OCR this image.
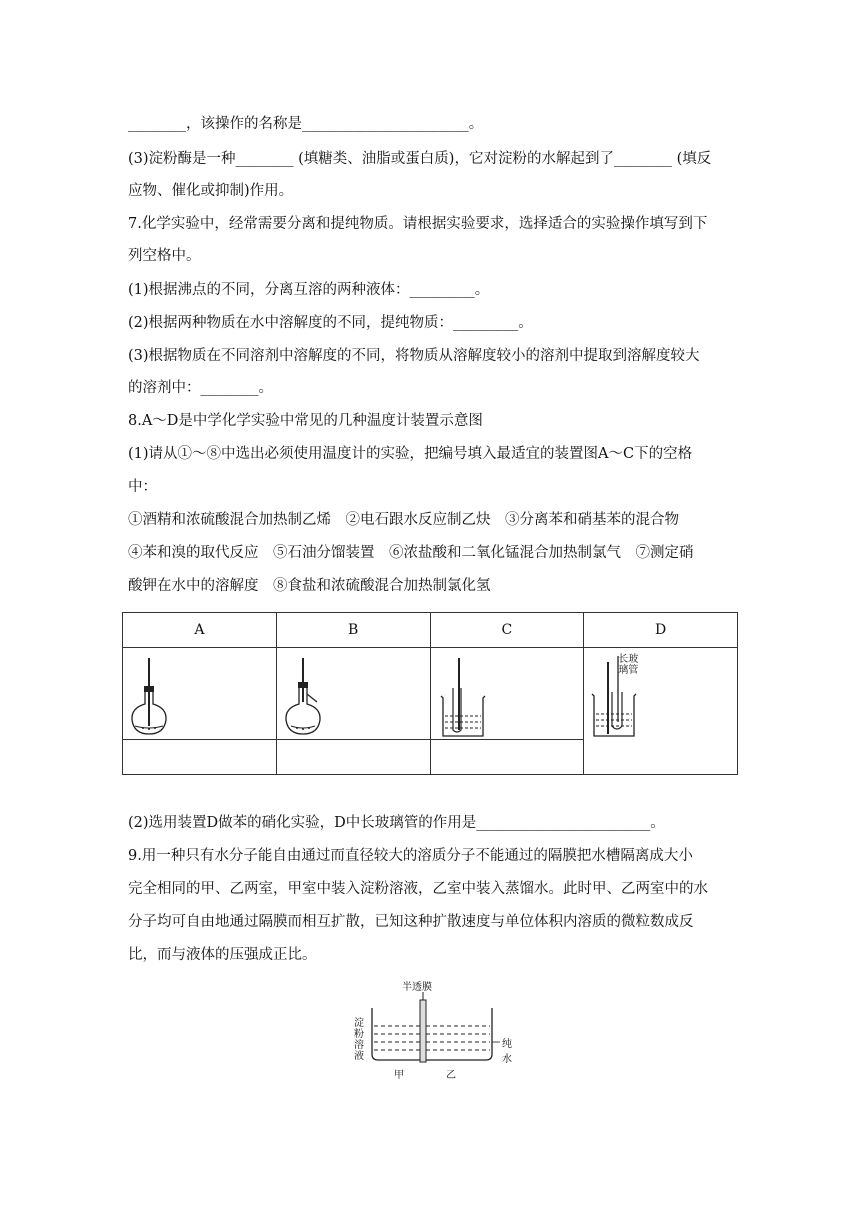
________，该操作的名称是_______________________。
(3)淀粉酶是一种________ (填糖类、油脂或蛋白质)，它对淀粉的水解起到了________ (填反
应物、催化或抑制)作用。
7.化学实验中，经常需要分离和提纯物质。请根据实验要求，选择适合的实验操作填写到下
列空格中。
(1)根据沸点的不同，分离互溶的两种液体：_________。
(2)根据两种物质在水中溶解度的不同，提纯物质：_________。
(3)根据物质在不同溶剂中溶解度的不同，将物质从溶解度较小的溶剂中提取到溶解度较大
的溶剂中：________。
8.A～D是中学化学实验中常见的几种温度计装置示意图
(1)请从①～⑧中选出必须使用温度计的实验，把编号填入最适宜的装置图A～C下的空格
中：
①酒精和浓硫酸混合加热制乙烯　②电石跟水反应制乙炔　③分离苯和硝基苯的混合物
④苯和溴的取代反应　⑤石油分馏装置　⑥浓盐酸和二氧化锰混合加热制氯气　⑦测定硝
酸钾在水中的溶解度　⑧食盐和浓硫酸混合加热制氯化氢
A	B	C	D

长玻璃管

(2)选用装置D做苯的硝化实验，D中长玻璃管的作用是________________________。
9.用一种只有水分子能自由通过而直径较大的溶质分子不能通过的隔膜把水槽隔离成大小
完全相同的甲、乙两室，甲室中装入淀粉溶液，乙室中装入蒸馏水。此时甲、乙两室中的水
分子均可自由地通过隔膜而相互扩散，已知这种扩散速度与单位体积内溶质的微粒数成反
比，而与液体的压强成正比。
半透膜
淀粉溶液
纯水
甲	乙
